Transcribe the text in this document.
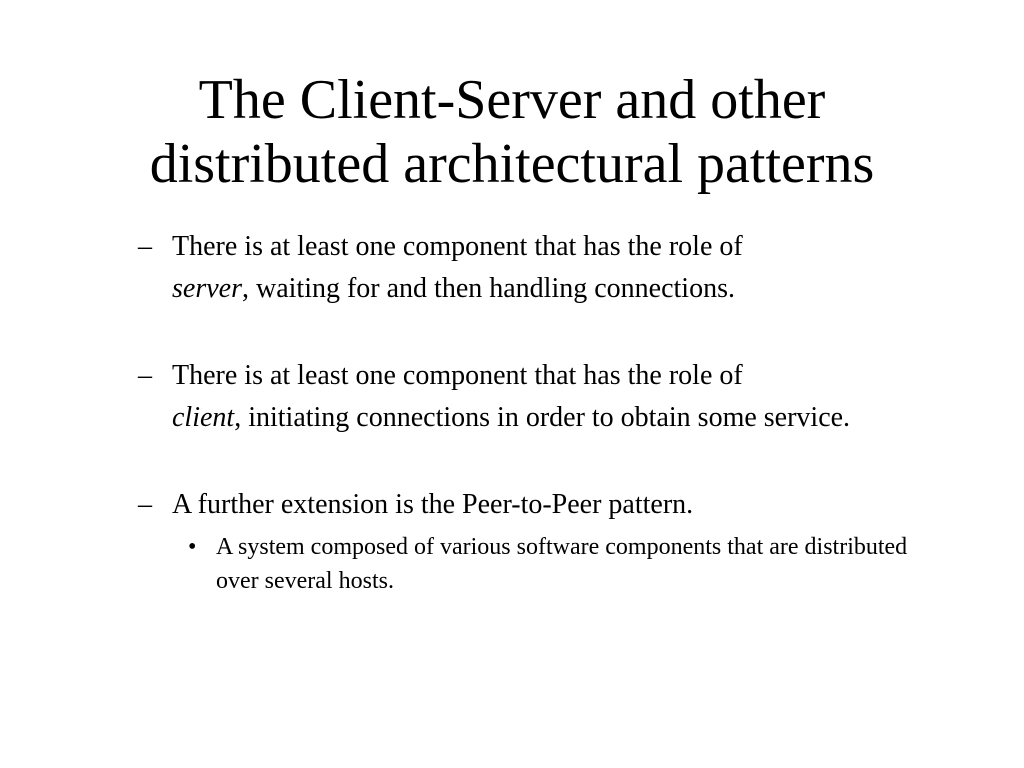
The Client-Server and other
distributed architectural patterns
– There is at least one component that has the role of
server, waiting for and then handling connections.
– There is at least one component that has the role of
client, initiating connections in order to obtain some service.
– A further extension is the Peer-to-Peer pattern.
• A system composed of various software components that are distributed over several hosts.
